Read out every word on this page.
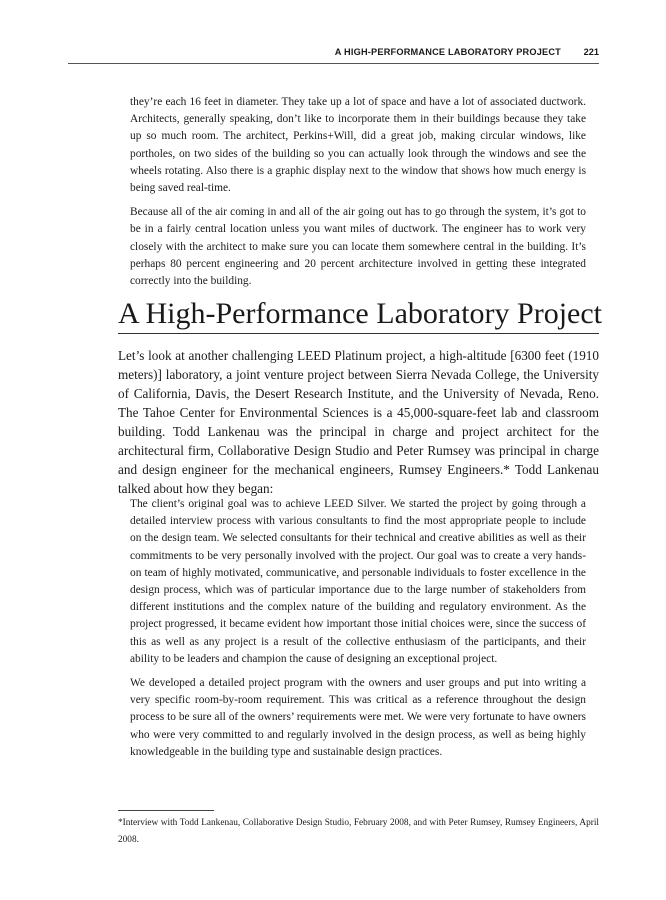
A HIGH-PERFORMANCE LABORATORY PROJECT 221

they’re each 16 feet in diameter. They take up a lot of space and have a lot of associated ductwork. Architects, generally speaking, don’t like to incorporate them in their buildings because they take up so much room. The architect, Perkins+Will, did a great job, making circular windows, like portholes, on two sides of the building so you can actually look through the windows and see the wheels rotating. Also there is a graphic display next to the window that shows how much energy is being saved real-time.

Because all of the air coming in and all of the air going out has to go through the system, it’s got to be in a fairly central location unless you want miles of ductwork. The engineer has to work very closely with the architect to make sure you can locate them somewhere central in the building. It’s perhaps 80 percent engineering and 20 percent architecture involved in getting these integrated correctly into the building.

A High-Performance Laboratory Project

Let’s look at another challenging LEED Platinum project, a high-altitude [6300 feet (1910 meters)] laboratory, a joint venture project between Sierra Nevada College, the University of California, Davis, the Desert Research Institute, and the University of Nevada, Reno. The Tahoe Center for Environmental Sciences is a 45,000-square-feet lab and classroom building. Todd Lankenau was the principal in charge and project architect for the architectural firm, Collaborative Design Studio and Peter Rumsey was principal in charge and design engineer for the mechanical engineers, Rumsey Engineers.* Todd Lankenau talked about how they began:

The client’s original goal was to achieve LEED Silver. We started the project by going through a detailed interview process with various consultants to find the most appropriate people to include on the design team. We selected consultants for their technical and creative abilities as well as their commitments to be very personally involved with the project. Our goal was to create a very hands-on team of highly motivated, communicative, and personable individuals to foster excellence in the design process, which was of particular importance due to the large number of stakeholders from different institutions and the complex nature of the building and regulatory environment. As the project progressed, it became evident how important those initial choices were, since the success of this as well as any project is a result of the collective enthusiasm of the participants, and their ability to be leaders and champion the cause of designing an exceptional project.

We developed a detailed project program with the owners and user groups and put into writing a very specific room-by-room requirement. This was critical as a reference throughout the design process to be sure all of the owners’ requirements were met. We were very fortunate to have owners who were very committed to and regularly involved in the design process, as well as being highly knowledgeable in the building type and sustainable design practices.

*Interview with Todd Lankenau, Collaborative Design Studio, February 2008, and with Peter Rumsey, Rumsey Engineers, April 2008.
